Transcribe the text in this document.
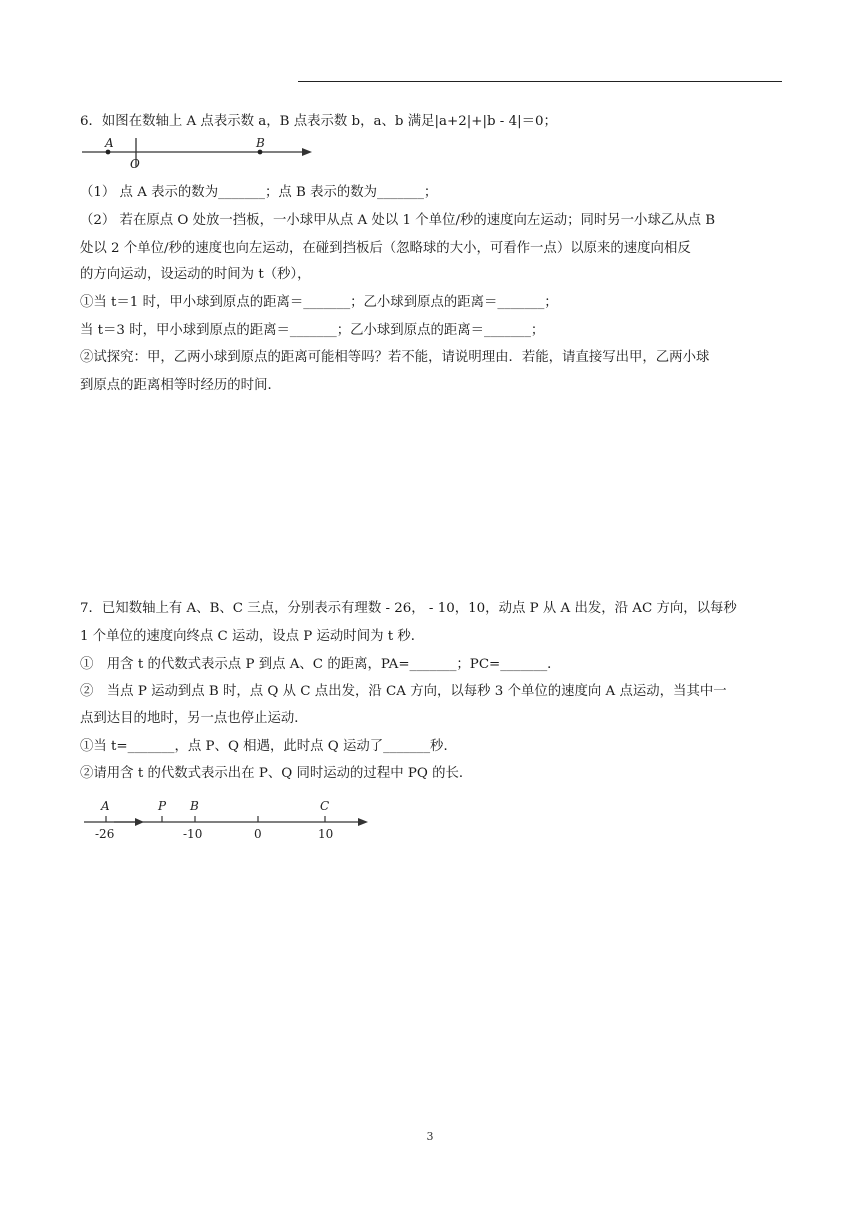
6．如图在数轴上 A 点表示数 a，B 点表示数 b，a、b 满足|a+2|+|b - 4|＝0；
A
O
B
（1） 点 A 表示的数为_______；点 B 表示的数为_______；
（2） 若在原点 O 处放一挡板，一小球甲从点 A 处以 1 个单位/秒的速度向左运动；同时另一小球乙从点 B
处以 2 个单位/秒的速度也向左运动，在碰到挡板后（忽略球的大小，可看作一点）以原来的速度向相反
的方向运动，设运动的时间为 t（秒），
①当 t＝1 时，甲小球到原点的距离＝_______；乙小球到原点的距离＝_______；
当 t＝3 时，甲小球到原点的距离＝_______；乙小球到原点的距离＝_______；
②试探究：甲，乙两小球到原点的距离可能相等吗？若不能，请说明理由．若能，请直接写出甲，乙两小球
到原点的距离相等时经历的时间．
7．已知数轴上有 A、B、C 三点，分别表示有理数 - 26， - 10，10，动点 P 从 A 出发，沿 AC 方向，以每秒
1 个单位的速度向终点 C 运动，设点 P 运动时间为 t 秒．
①　用含 t 的代数式表示点 P 到点 A、C 的距离，PA=_______；PC=_______．
②　当点 P 运动到点 B 时，点 Q 从 C 点出发，沿 CA 方向，以每秒 3 个单位的速度向 A 点运动，当其中一
点到达目的地时，另一点也停止运动．
①当 t=_______，点 P、Q 相遇，此时点 Q 运动了_______秒．
②请用含 t 的代数式表示出在 P、Q 同时运动的过程中 PQ 的长．
A	P B	C
-26	-10	0	10
3
